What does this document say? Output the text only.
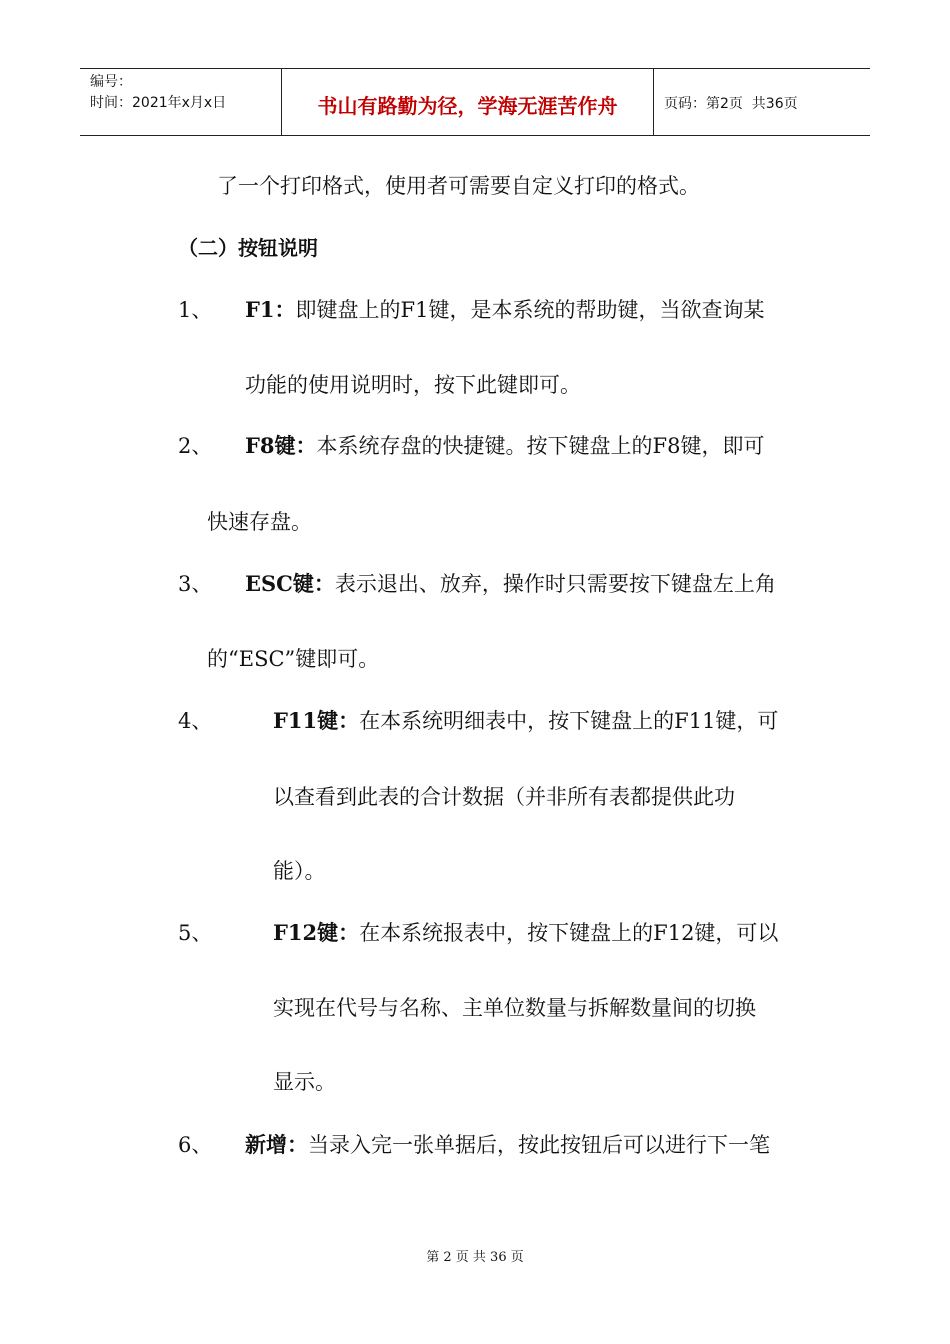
编号：
时间：2021年x月x日	书山有路勤为径，学海无涯苦作舟	页码：第2页  共36页
了一个打印格式，使用者可需要自定义打印的格式。
（二）按钮说明
1、 F1：即键盘上的F1键，是本系统的帮助键，当欲查询某
功能的使用说明时，按下此键即可。
2、 F8键：本系统存盘的快捷键。按下键盘上的F8键，即可
快速存盘。
3、 ESC键：表示退出、放弃，操作时只需要按下键盘左上角
的“ESC”键即可。
4、	F11键：在本系统明细表中，按下键盘上的F11键，可
以查看到此表的合计数据（并非所有表都提供此功
能）。
5、	F12键：在本系统报表中，按下键盘上的F12键，可以
实现在代号与名称、主单位数量与拆解数量间的切换
显示。
6、 新增：当录入完一张单据后，按此按钮后可以进行下一笔
第 2 页 共 36 页
